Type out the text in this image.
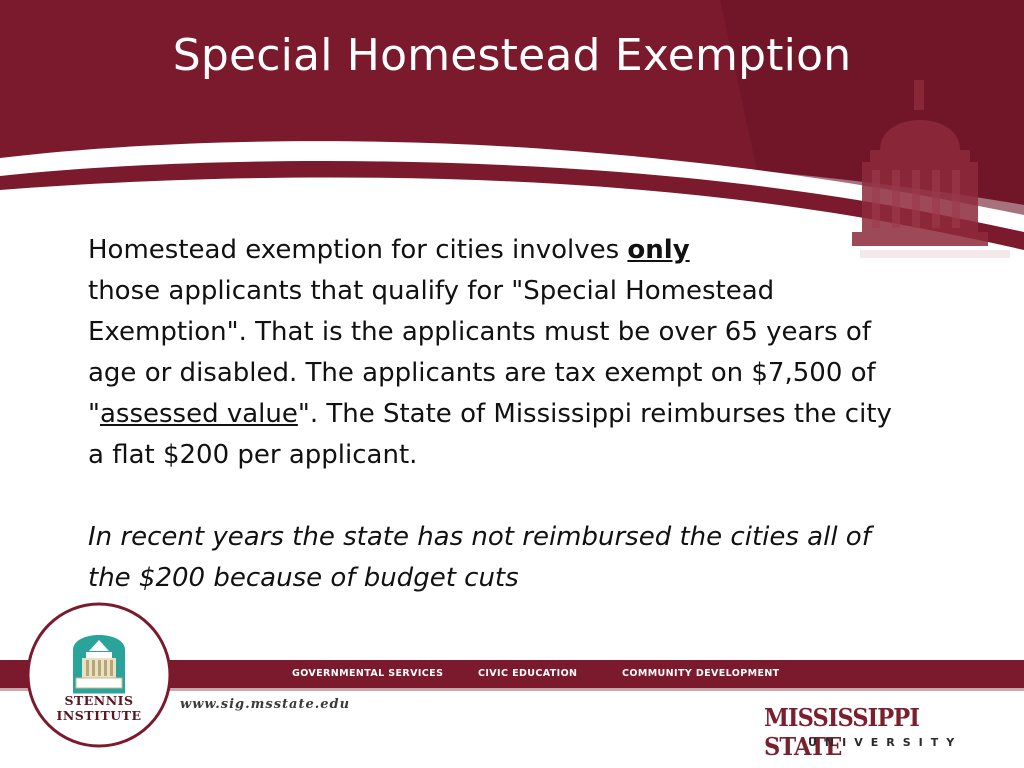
Special Homestead Exemption

Homestead exemption for cities involves only

those applicants that qualify for "Special Homestead

Exemption". That is the applicants must be over 65 years of

age or disabled. The applicants are tax exempt on $7,500 of

"assessed value". The State of Mississippi reimburses the city

a flat $200 per applicant.

In recent years the state has not reimbursed the cities all of

the $200 because of budget cuts

GOVERNMENTAL SERVICES	CIVIC EDUCATION	COMMUNITY DEVELOPMENT
www.sig.msstate.edu
STENNIS
INSTITUTE	MISSISSIPPI STATE
UNIVERSITY
